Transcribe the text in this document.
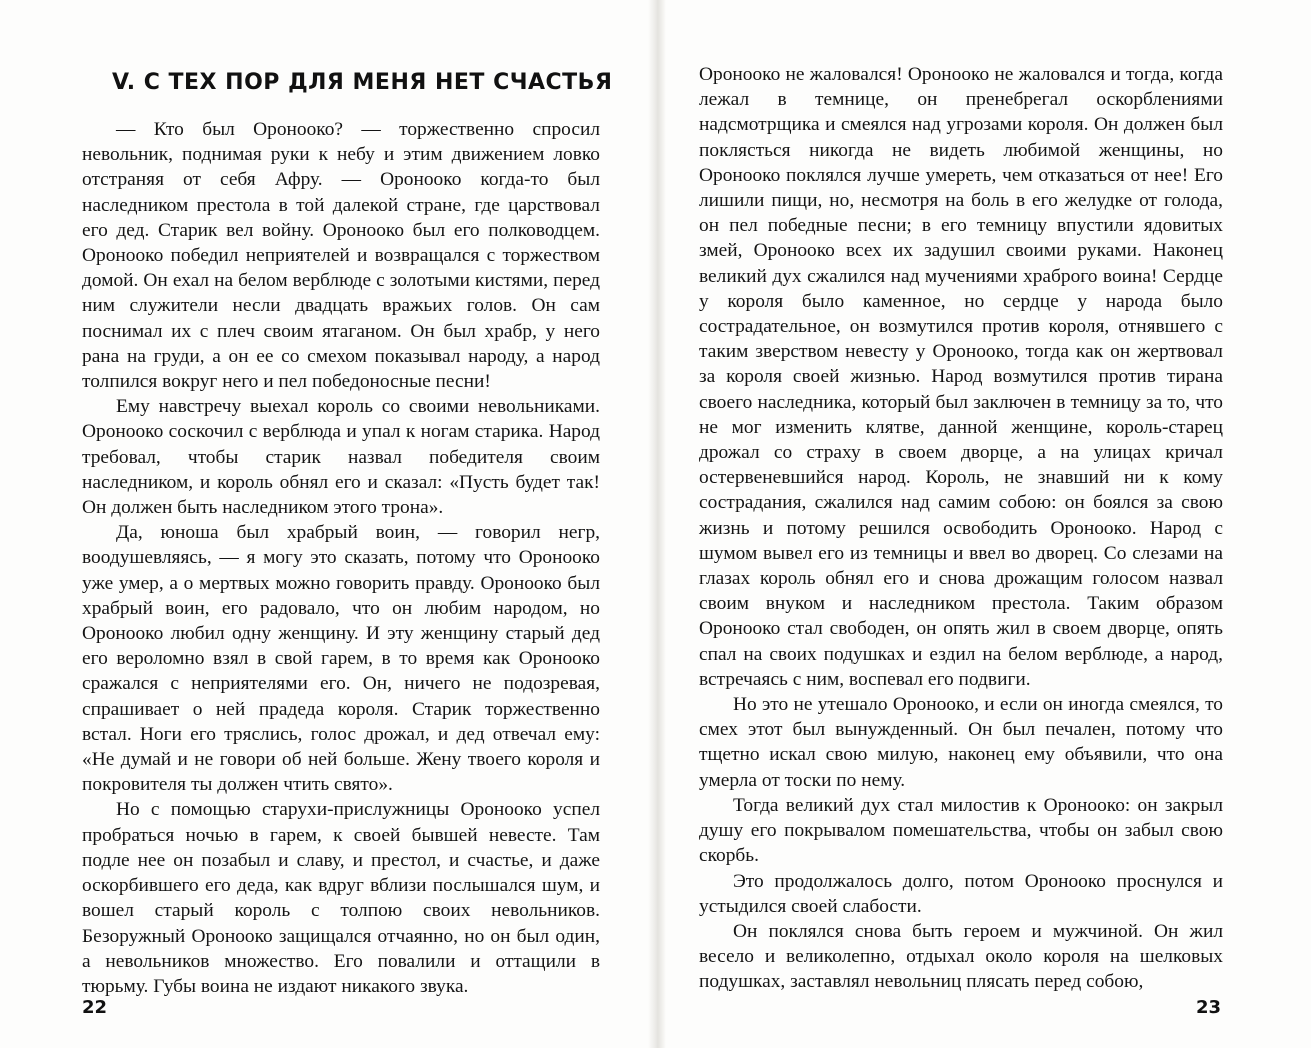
V. С ТЕХ ПОР ДЛЯ МЕНЯ НЕТ СЧАСТЬЯ

— Кто был Оронооко? — торжественно спросил невольник, поднимая руки к небу и этим движением ловко отстраняя от себя Афру. — Оронооко когда-то был наследником престола в той далекой стране, где царствовал его дед. Старик вел войну. Оронооко был его полководцем. Оронооко победил неприятелей и возвращался с торжеством домой. Он ехал на белом верблюде с золотыми кистями, перед ним служители несли двадцать вражьих голов. Он сам поснимал их с плеч своим ятаганом. Он был храбр, у него рана на груди, а он ее со смехом показывал народу, а народ толпился вокруг него и пел победоносные песни!

Ему навстречу выехал король со своими невольниками. Оронооко соскочил с верблюда и упал к ногам старика. Народ требовал, чтобы старик назвал победителя своим наследником, и король обнял его и сказал: «Пусть будет так! Он должен быть наследником этого трона».

Да, юноша был храбрый воин, — говорил негр, воодушевляясь, — я могу это сказать, потому что Оронооко уже умер, а о мертвых можно говорить правду. Оронооко был храбрый воин, его радовало, что он любим народом, но Оронооко любил одну женщину. И эту женщину старый дед его вероломно взял в свой гарем, в то время как Оронооко сражался с неприятелями его. Он, ничего не подозревая, спрашивает о ней прадеда короля. Старик торжественно встал. Ноги его тряслись, голос дрожал, и дед отвечал ему: «Не думай и не говори об ней больше. Жену твоего короля и покровителя ты должен чтить свято».

Но с помощью старухи-прислужницы Оронооко успел пробраться ночью в гарем, к своей бывшей невесте. Там подле нее он позабыл и славу, и престол, и счастье, и даже оскорбившего его деда, как вдруг вблизи послышался шум, и вошел старый король с толпою своих невольников. Безоружный Оронооко защищался отчаянно, но он был один, а невольников множество. Его повалили и оттащили в тюрьму. Губы воина не издают никакого звука.

22

Оронооко не жаловался! Оронооко не жаловался и тогда, когда лежал в темнице, он пренебрегал оскорблениями надсмотрщика и смеялся над угрозами короля. Он должен был поклясться никогда не видеть любимой женщины, но Оронооко поклялся лучше умереть, чем отказаться от нее! Его лишили пищи, но, несмотря на боль в его желудке от голода, он пел победные песни; в его темницу впустили ядовитых змей, Оронооко всех их задушил своими руками. Наконец великий дух сжалился над мучениями храброго воина! Сердце у короля было каменное, но сердце у народа было сострадательное, он возмутился против короля, отнявшего с таким зверством невесту у Оронооко, тогда как он жертвовал за короля своей жизнью. Народ возмутился против тирана своего наследника, который был заключен в темницу за то, что не мог изменить клятве, данной женщине, король-старец дрожал со страху в своем дворце, а на улицах кричал остервеневшийся народ. Король, не знавший ни к кому сострадания, сжалился над самим собою: он боялся за свою жизнь и потому решился освободить Оронооко. Народ с шумом вывел его из темницы и ввел во дворец. Со слезами на глазах король обнял его и снова дрожащим голосом назвал своим внуком и наследником престола. Таким образом Оронооко стал свободен, он опять жил в своем дворце, опять спал на своих подушках и ездил на белом верблюде, а народ, встречаясь с ним, воспевал его подвиги.

Но это не утешало Оронооко, и если он иногда смеялся, то смех этот был вынужденный. Он был печален, потому что тщетно искал свою милую, наконец ему объявили, что она умерла от тоски по нему.

Тогда великий дух стал милостив к Оронооко: он закрыл душу его покрывалом помешательства, чтобы он забыл свою скорбь.

Это продолжалось долго, потом Оронооко проснулся и устыдился своей слабости.

Он поклялся снова быть героем и мужчиной. Он жил весело и великолепно, отдыхал около короля на шелковых подушках, заставлял невольниц плясать перед собою,

23
